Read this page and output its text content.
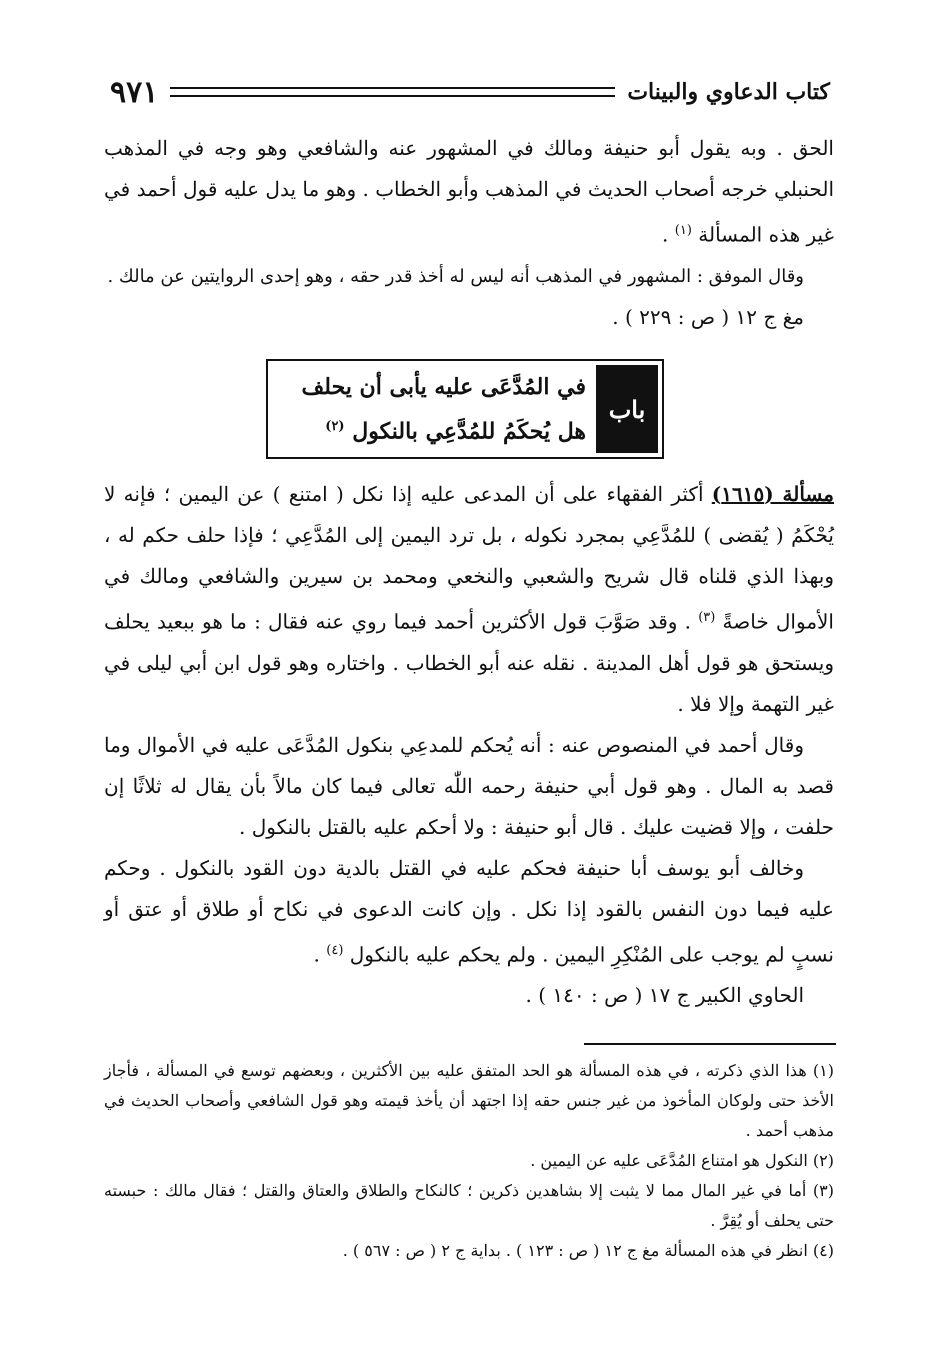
٩٧١	كتاب الدعاوي والبينات

الحق . وبه يقول أبو حنيفة ومالك في المشهور عنه والشافعي وهو وجه في المذهب الحنبلي خرجه أصحاب الحديث في المذهب وأبو الخطاب . وهو ما يدل عليه قول أحمد في غير هذه المسألة $^{(١)}$ .

وقال الموفق : المشهور في المذهب أنه ليس له أخذ قدر حقه ، وهو إحدى الروايتين عن مالك .

مغ ج ١٢ ( ص : ٢٢٩ ) .

باب
في المُدَّعَى عليه يأبى أن يحلف
هل يُحكَمُ للمُدَّعِي بالنكول $^{(٢)}$

مسألة (١٦١٥) أكثر الفقهاء على أن المدعى عليه إذا نكل ( امتنع ) عن اليمين ؛ فإنه لا يُحْكَمُ ( يُقضى ) للمُدَّعِي بمجرد نكوله ، بل ترد اليمين إلى المُدَّعِي ؛ فإذا حلف حكم له ، وبهذا الذي قلناه قال شريح والشعبي والنخعي ومحمد بن سيرين والشافعي ومالك في الأموال خاصةً $^{(٣)}$ . وقد صَوَّبَ قول الأكثرين أحمد فيما روي عنه فقال : ما هو ببعيد يحلف ويستحق هو قول أهل المدينة . نقله عنه أبو الخطاب . واختاره وهو قول ابن أبي ليلى في غير التهمة وإلا فلا .

وقال أحمد في المنصوص عنه : أنه يُحكم للمدعِي بنكول المُدَّعَى عليه في الأموال وما قصد به المال . وهو قول أبي حنيفة رحمه اللّٰه تعالى فيما كان مالاً بأن يقال له ثلاثًا إن حلفت ، وإلا قضيت عليك . قال أبو حنيفة : ولا أحكم عليه بالقتل بالنكول .

وخالف أبو يوسف أبا حنيفة فحكم عليه في القتل بالدية دون القود بالنكول . وحكم عليه فيما دون النفس بالقود إذا نكل . وإن كانت الدعوى في نكاح أو طلاق أو عتق أو نسبٍ لم يوجب على المُنْكِرِ اليمين . ولم يحكم عليه بالنكول $^{(٤)}$ .

الحاوي الكبير ج ١٧ ( ص : ١٤٠ ) .

(١) هذا الذي ذكرته ، في هذه المسألة هو الحد المتفق عليه بين الأكثرين ، وبعضهم توسع في المسألة ، فأجاز الأخذ حتى ولوكان المأخوذ من غير جنس حقه إذا اجتهد أن يأخذ قيمته وهو قول الشافعي وأصحاب الحديث في مذهب أحمد .

(٢) النكول هو امتناع المُدَّعَى عليه عن اليمين .

(٣) أما في غير المال مما لا يثبت إلا بشاهدين ذكرين ؛ كالنكاح والطلاق والعتاق والقتل ؛ فقال مالك : حبسته حتى يحلف أو يُقِرَّ .

(٤) انظر في هذه المسألة مغ ج ١٢ ( ص : ١٢٣ ) . بداية ج ٢ ( ص : ٥٦٧ ) .
